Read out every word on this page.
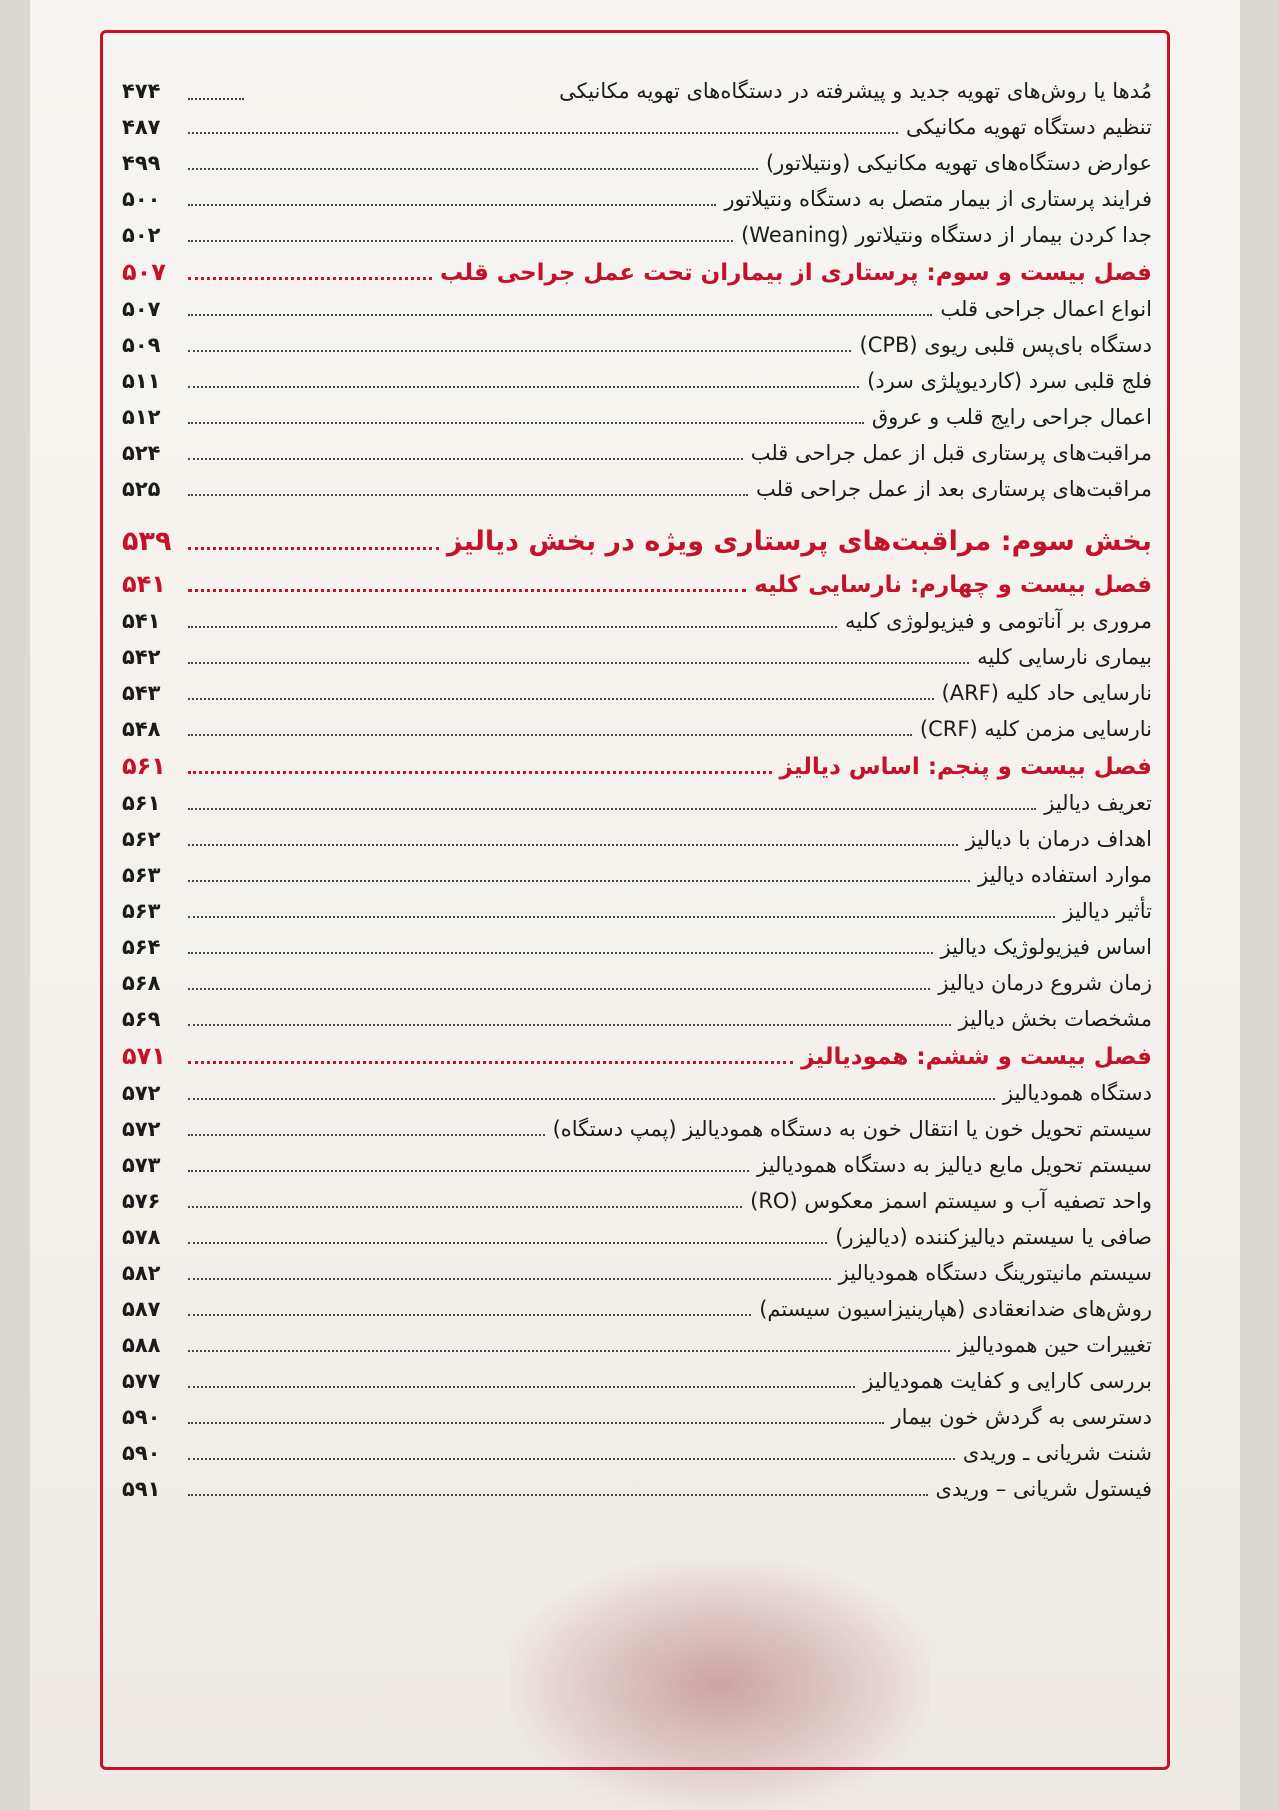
مُدها یا روش‌های تهویه جدید و پیشرفته در دستگاه‌های تهویه مکانیکی
۴۷۴
تنظیم دستگاه تهویه مکانیکی
۴۸۷
عوارض دستگاه‌های تهویه مکانیکی (ونتیلاتور)
۴۹۹
فرایند پرستاری از بیمار متصل به دستگاه ونتیلاتور
۵۰۰
جدا کردن بیمار از دستگاه ونتیلاتور (Weaning)
۵۰۲
فصل بیست و سوم: پرستاری از بیماران تحت عمل جراحی قلب
۵۰۷
انواع اعمال جراحی قلب
۵۰۷
دستگاه بای‌پس قلبی ریوی (CPB)
۵۰۹
فلج قلبی سرد (کاردیوپلژی سرد)
۵۱۱
اعمال جراحی رایج قلب و عروق
۵۱۲
مراقبت‌های پرستاری قبل از عمل جراحی قلب
۵۲۴
مراقبت‌های پرستاری بعد از عمل جراحی قلب
۵۲۵
بخش سوم: مراقبت‌های پرستاری ویژه در بخش دیالیز
۵۳۹
فصل بیست و چهارم: نارسایی کلیه
۵۴۱
مروری بر آناتومی و فیزیولوژی کلیه
۵۴۱
بیماری نارسایی کلیه
۵۴۲
نارسایی حاد کلیه (ARF)
۵۴۳
نارسایی مزمن کلیه (CRF)
۵۴۸
فصل بیست و پنجم: اساس دیالیز
۵۶۱
تعریف دیالیز
۵۶۱
اهداف درمان با دیالیز
۵۶۲
موارد استفاده دیالیز
۵۶۳
تأثیر دیالیز
۵۶۳
اساس فیزیولوژیک دیالیز
۵۶۴
زمان شروع درمان دیالیز
۵۶۸
مشخصات بخش دیالیز
۵۶۹
فصل بیست و ششم: همودیالیز
۵۷۱
دستگاه همودیالیز
۵۷۲
سیستم تحویل خون یا انتقال خون به دستگاه همودیالیز (پمپ دستگاه)
۵۷۲
سیستم تحویل مایع دیالیز به دستگاه همودیالیز
۵۷۳
واحد تصفیه آب و سیستم اسمز معکوس (RO)
۵۷۶
صافی یا سیستم دیالیزکننده (دیالیزر)
۵۷۸
سیستم مانیتورینگ دستگاه همودیالیز
۵۸۲
روش‌های ضدانعقادی (هپارینیزاسیون سیستم)
۵۸۷
تغییرات حین همودیالیز
۵۸۸
بررسی کارایی و کفایت همودیالیز
۵۷۷
دسترسی به گردش خون بیمار
۵۹۰
شنت شریانی ـ وریدی
۵۹۰
فیستول شریانی – وریدی
۵۹۱
